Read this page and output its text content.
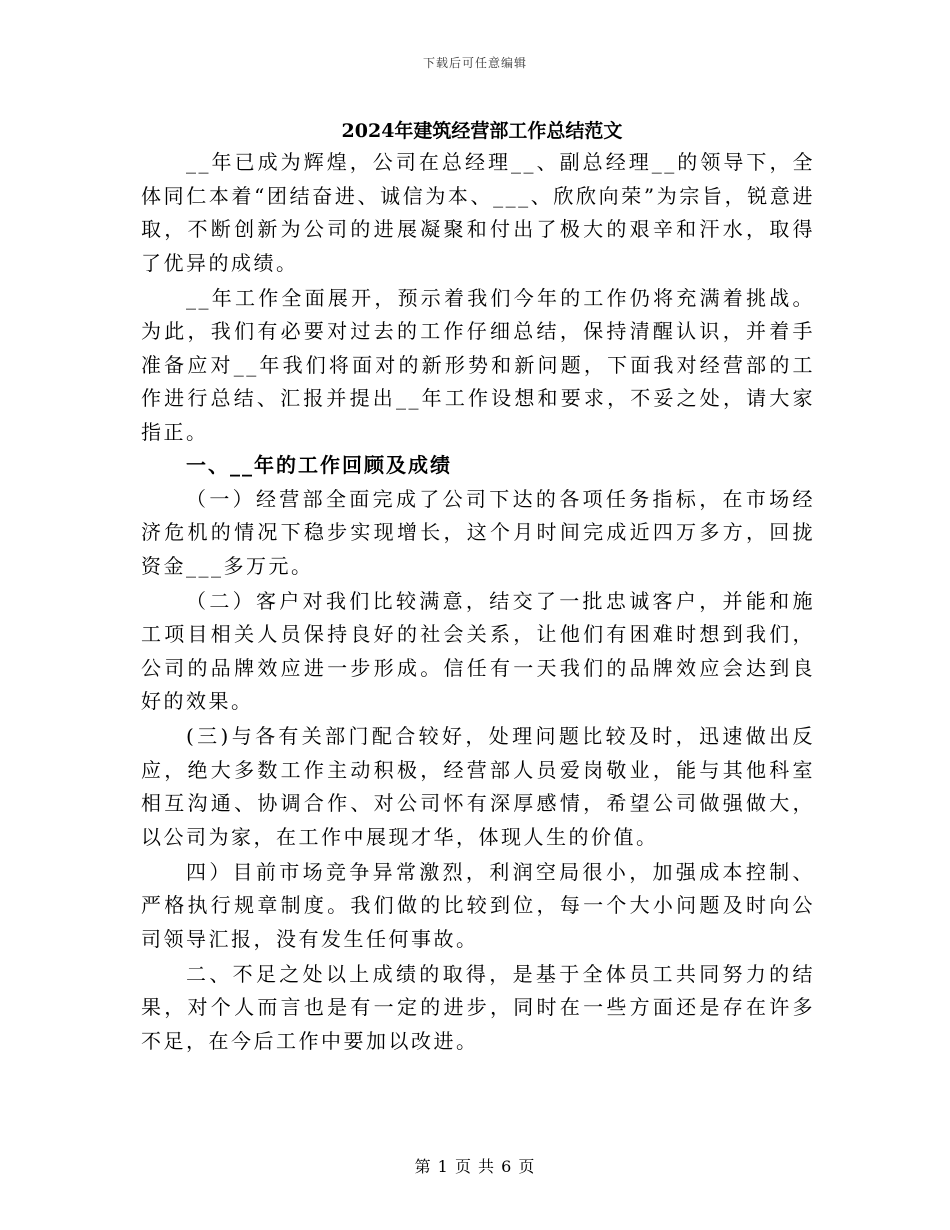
下载后可任意编辑
2024年建筑经营部工作总结范文

__年已成为辉煌，公司在总经理__、副总经理__的领导下，全体同仁本着“团结奋进、诚信为本、___、欣欣向荣”为宗旨，锐意进取，不断创新为公司的进展凝聚和付出了极大的艰辛和汗水，取得了优异的成绩。

__年工作全面展开，预示着我们今年的工作仍将充满着挑战。为此，我们有必要对过去的工作仔细总结，保持清醒认识，并着手准备应对__年我们将面对的新形势和新问题，下面我对经营部的工作进行总结、汇报并提出__年工作设想和要求，不妥之处，请大家指正。

一、__年的工作回顾及成绩

（一）经营部全面完成了公司下达的各项任务指标，在市场经济危机的情况下稳步实现增长，这个月时间完成近四万多方，回拢资金___多万元。

（二）客户对我们比较满意，结交了一批忠诚客户，并能和施工项目相关人员保持良好的社会关系，让他们有困难时想到我们，公司的品牌效应进一步形成。信任有一天我们的品牌效应会达到良好的效果。

(三)与各有关部门配合较好，处理问题比较及时，迅速做出反应，绝大多数工作主动积极，经营部人员爱岗敬业，能与其他科室相互沟通、协调合作、对公司怀有深厚感情，希望公司做强做大，以公司为家，在工作中展现才华，体现人生的价值。

四）目前市场竞争异常激烈，利润空局很小，加强成本控制、严格执行规章制度。我们做的比较到位，每一个大小问题及时向公司领导汇报，没有发生任何事故。

二、不足之处以上成绩的取得，是基于全体员工共同努力的结果，对个人而言也是有一定的进步，同时在一些方面还是存在许多不足，在今后工作中要加以改进。

第 1 页 共 6 页
